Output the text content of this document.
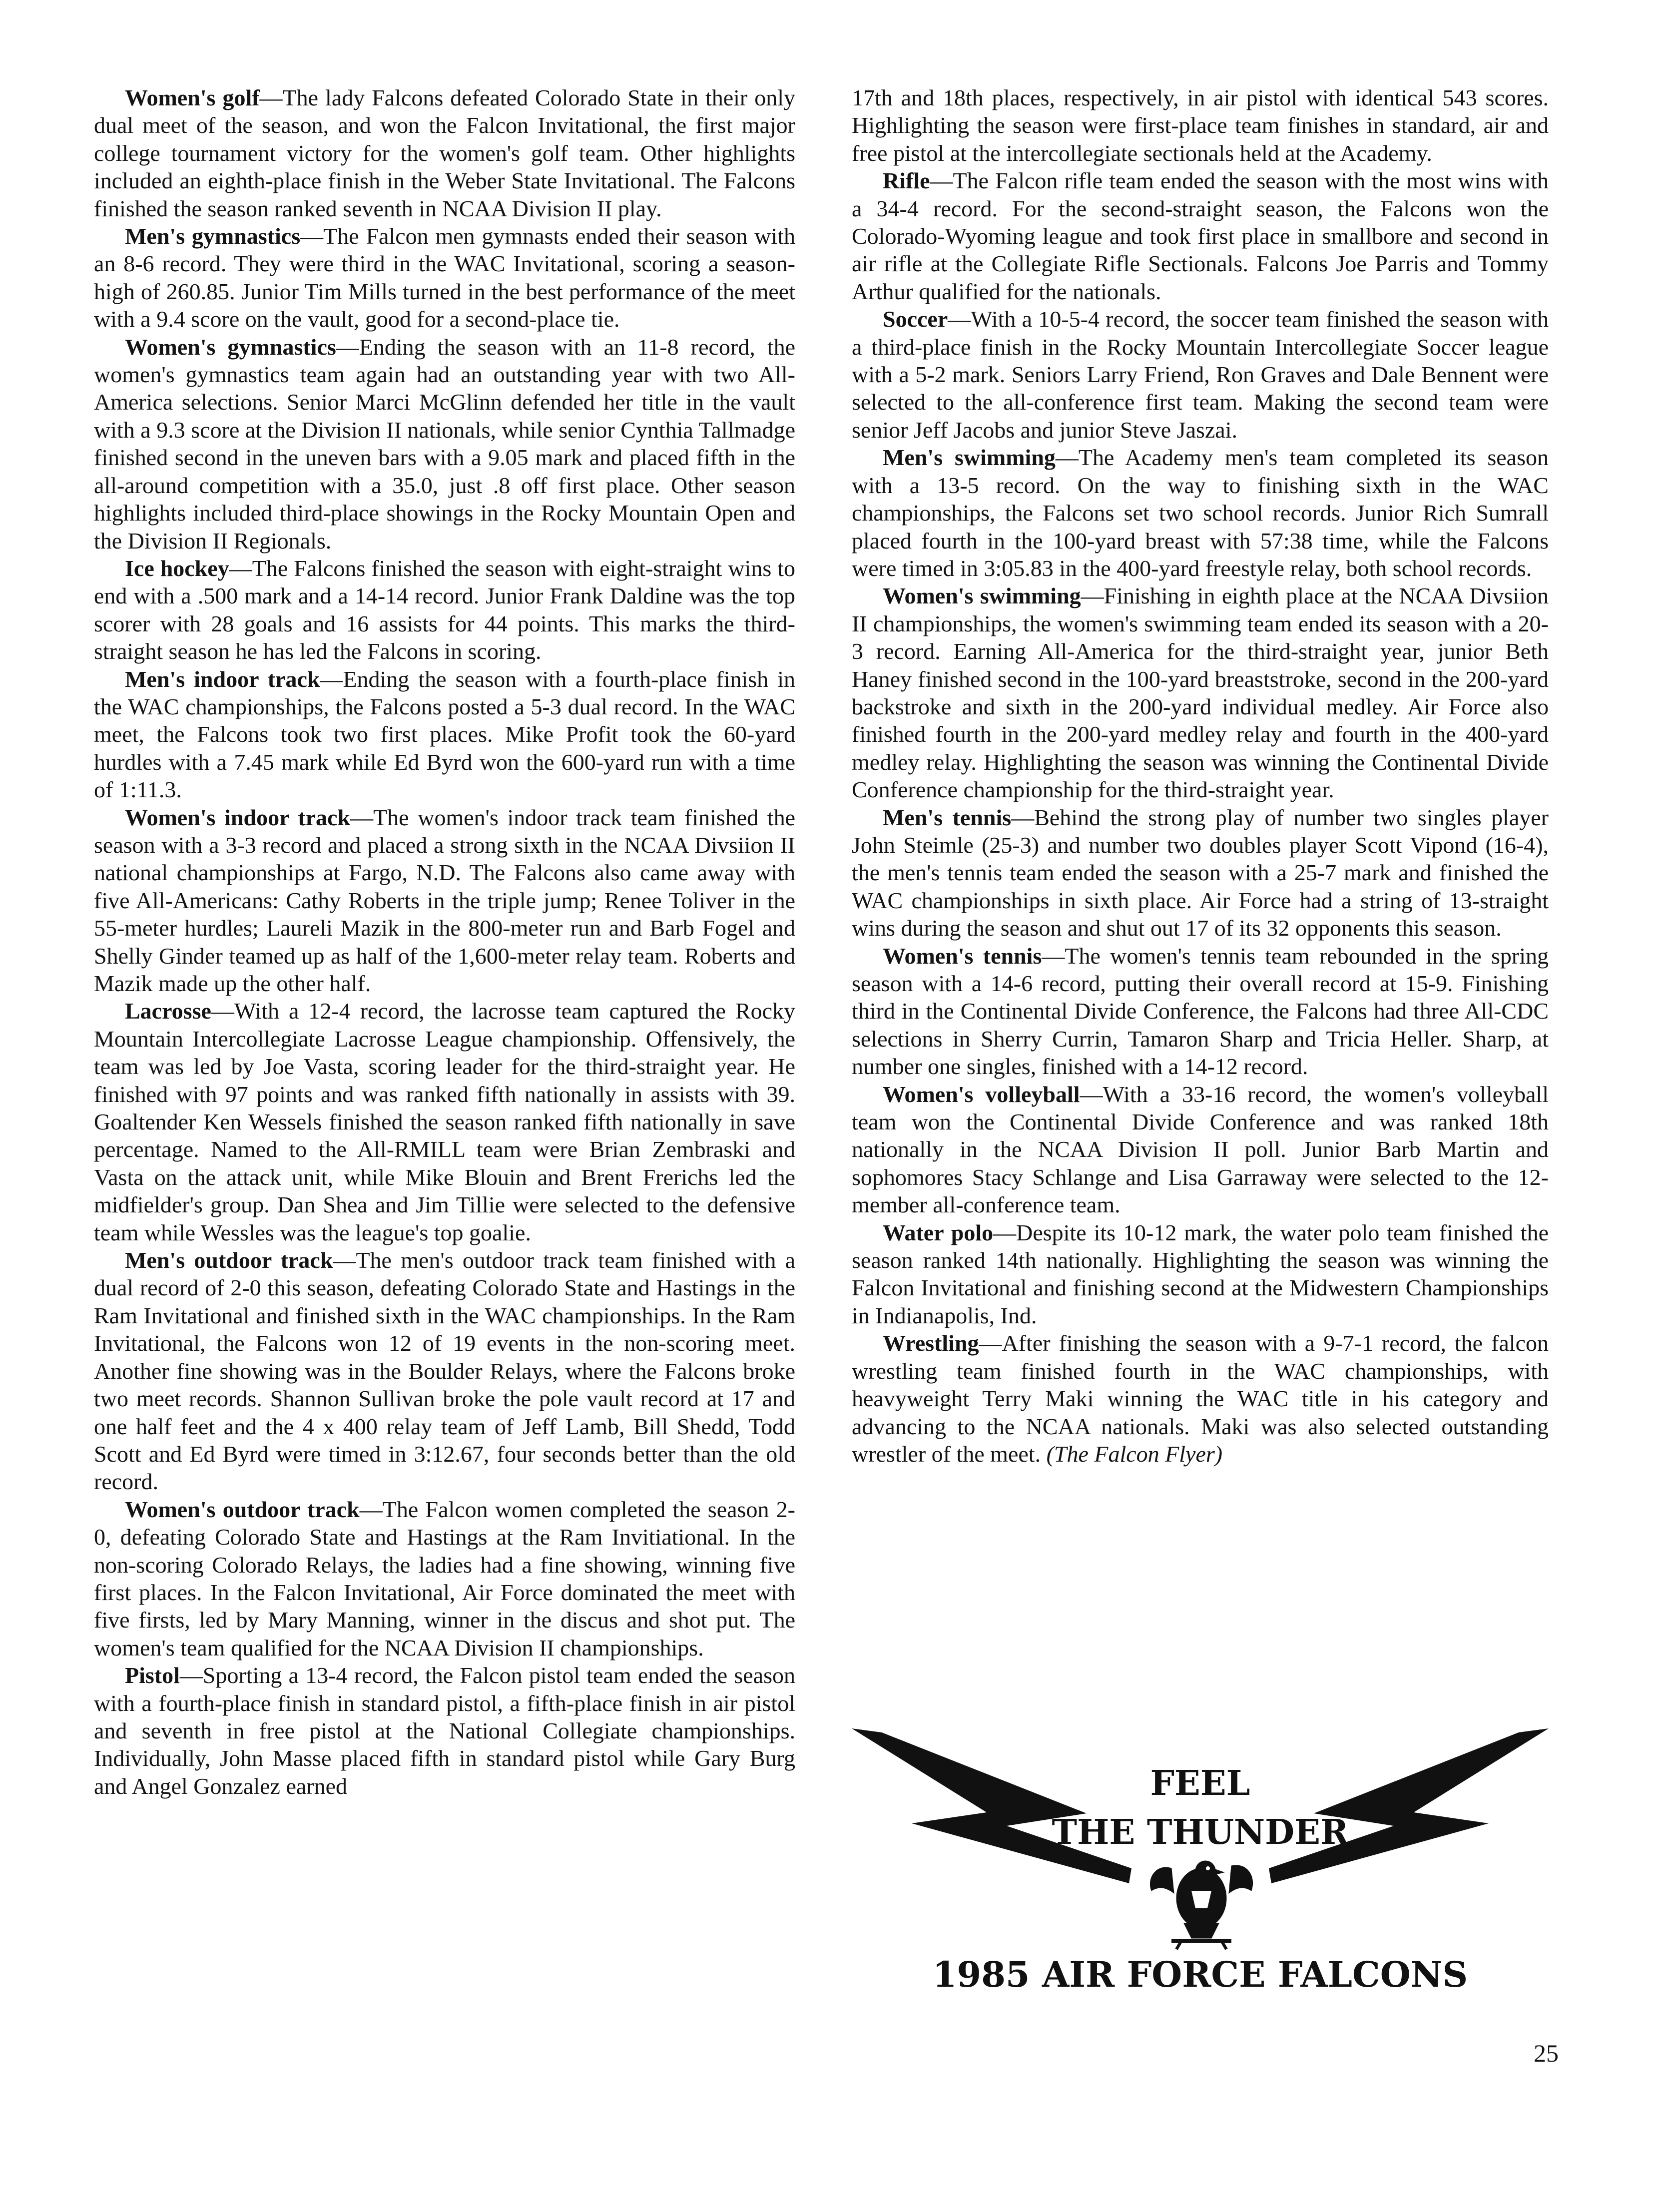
Women's golf—The lady Falcons defeated Colorado State in their only dual meet of the season, and won the Falcon Invitational, the first major college tournament victory for the women's golf team. Other highlights included an eighth-place finish in the Weber State Invitational. The Falcons finished the season ranked seventh in NCAA Division II play.

Men's gymnastics—The Falcon men gymnasts ended their season with an 8-6 record. They were third in the WAC Invitational, scoring a season-high of 260.85. Junior Tim Mills turned in the best performance of the meet with a 9.4 score on the vault, good for a second-place tie.

Women's gymnastics—Ending the season with an 11-8 record, the women's gymnastics team again had an outstanding year with two All-America selections. Senior Marci McGlinn defended her title in the vault with a 9.3 score at the Division II nationals, while senior Cynthia Tallmadge finished second in the uneven bars with a 9.05 mark and placed fifth in the all-around competition with a 35.0, just .8 off first place. Other season highlights included third-place showings in the Rocky Mountain Open and the Division II Regionals.

Ice hockey—The Falcons finished the season with eight-straight wins to end with a .500 mark and a 14-14 record. Junior Frank Daldine was the top scorer with 28 goals and 16 assists for 44 points. This marks the third-straight season he has led the Falcons in scoring.

Men's indoor track—Ending the season with a fourth-place finish in the WAC championships, the Falcons posted a 5-3 dual record. In the WAC meet, the Falcons took two first places. Mike Profit took the 60-yard hurdles with a 7.45 mark while Ed Byrd won the 600-yard run with a time of 1:11.3.

Women's indoor track—The women's indoor track team finished the season with a 3-3 record and placed a strong sixth in the NCAA Divsiion II national championships at Fargo, N.D. The Falcons also came away with five All-Americans: Cathy Roberts in the triple jump; Renee Toliver in the 55-meter hurdles; Laureli Mazik in the 800-meter run and Barb Fogel and Shelly Ginder teamed up as half of the 1,600-meter relay team. Roberts and Mazik made up the other half.

Lacrosse—With a 12-4 record, the lacrosse team captured the Rocky Mountain Intercollegiate Lacrosse League championship. Offensively, the team was led by Joe Vasta, scoring leader for the third-straight year. He finished with 97 points and was ranked fifth nationally in assists with 39. Goaltender Ken Wessels finished the season ranked fifth nationally in save percentage. Named to the All-RMILL team were Brian Zembraski and Vasta on the attack unit, while Mike Blouin and Brent Frerichs led the midfielder's group. Dan Shea and Jim Tillie were selected to the defensive team while Wessles was the league's top goalie.

Men's outdoor track—The men's outdoor track team finished with a dual record of 2-0 this season, defeating Colorado State and Hastings in the Ram Invitational and finished sixth in the WAC championships. In the Ram Invitational, the Falcons won 12 of 19 events in the non-scoring meet. Another fine showing was in the Boulder Relays, where the Falcons broke two meet records. Shannon Sullivan broke the pole vault record at 17 and one half feet and the 4 x 400 relay team of Jeff Lamb, Bill Shedd, Todd Scott and Ed Byrd were timed in 3:12.67, four seconds better than the old record.

Women's outdoor track—The Falcon women completed the season 2-0, defeating Colorado State and Hastings at the Ram Invitiational. In the non-scoring Colorado Relays, the ladies had a fine showing, winning five first places. In the Falcon Invitational, Air Force dominated the meet with five firsts, led by Mary Manning, winner in the discus and shot put. The women's team qualified for the NCAA Division II championships.

Pistol—Sporting a 13-4 record, the Falcon pistol team ended the season with a fourth-place finish in standard pistol, a fifth-place finish in air pistol and seventh in free pistol at the National Collegiate championships. Individually, John Masse placed fifth in standard pistol while Gary Burg and Angel Gonzalez earned

17th and 18th places, respectively, in air pistol with identical 543 scores. Highlighting the season were first-place team finishes in standard, air and free pistol at the intercollegiate sectionals held at the Academy.

Rifle—The Falcon rifle team ended the season with the most wins with a 34-4 record. For the second-straight season, the Falcons won the Colorado-Wyoming league and took first place in smallbore and second in air rifle at the Collegiate Rifle Sectionals. Falcons Joe Parris and Tommy Arthur qualified for the nationals.

Soccer—With a 10-5-4 record, the soccer team finished the season with a third-place finish in the Rocky Mountain Intercollegiate Soccer league with a 5-2 mark. Seniors Larry Friend, Ron Graves and Dale Bennent were selected to the all-conference first team. Making the second team were senior Jeff Jacobs and junior Steve Jaszai.

Men's swimming—The Academy men's team completed its season with a 13-5 record. On the way to finishing sixth in the WAC championships, the Falcons set two school records. Junior Rich Sumrall placed fourth in the 100-yard breast with 57:38 time, while the Falcons were timed in 3:05.83 in the 400-yard freestyle relay, both school records.

Women's swimming—Finishing in eighth place at the NCAA Divsiion II championships, the women's swimming team ended its season with a 20-3 record. Earning All-America for the third-straight year, junior Beth Haney finished second in the 100-yard breaststroke, second in the 200-yard backstroke and sixth in the 200-yard individual medley. Air Force also finished fourth in the 200-yard medley relay and fourth in the 400-yard medley relay. Highlighting the season was winning the Continental Divide Conference championship for the third-straight year.

Men's tennis—Behind the strong play of number two singles player John Steimle (25-3) and number two doubles player Scott Vipond (16-4), the men's tennis team ended the season with a 25-7 mark and finished the WAC championships in sixth place. Air Force had a string of 13-straight wins during the season and shut out 17 of its 32 opponents this season.

Women's tennis—The women's tennis team rebounded in the spring season with a 14-6 record, putting their overall record at 15-9. Finishing third in the Continental Divide Conference, the Falcons had three All-CDC selections in Sherry Currin, Tamaron Sharp and Tricia Heller. Sharp, at number one singles, finished with a 14-12 record.

Women's volleyball—With a 33-16 record, the women's volleyball team won the Continental Divide Conference and was ranked 18th nationally in the NCAA Division II poll. Junior Barb Martin and sophomores Stacy Schlange and Lisa Garraway were selected to the 12-member all-conference team.

Water polo—Despite its 10-12 mark, the water polo team finished the season ranked 14th nationally. Highlighting the season was winning the Falcon Invitational and finishing second at the Midwestern Championships in Indianapolis, Ind.

Wrestling—After finishing the season with a 9-7-1 record, the falcon wrestling team finished fourth in the WAC championships, with heavyweight Terry Maki winning the WAC title in his category and advancing to the NCAA nationals. Maki was also selected outstanding wrestler of the meet. (The Falcon Flyer)

FEEL
THE THUNDER
1985 AIR FORCE FALCONS
25
